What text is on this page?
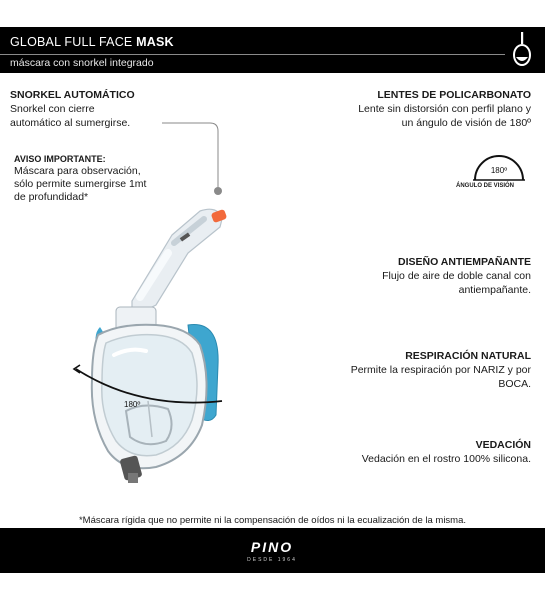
GLOBAL FULL FACE MASK
máscara con snorkel integrado
SNORKEL AUTOMÁTICO
Snorkel con cierre
automático al sumergirse.
AVISO IMPORTANTE:
Máscara para observación,
sólo permite sumergirse 1mt
de profundidad*
LENTES DE POLICARBONATO
Lente sin distorsión con perfil plano y
un ángulo de visión de 180º
180º
ÁNGULO DE VISIÓN
DISEÑO ANTIEMPAÑANTE
Flujo de aire de doble canal con
antiempañante.
RESPIRACIÓN NATURAL
Permite la respiración por NARIZ y por
BOCA.
VEDACIÓN
Vedación en el rostro 100% silicona.
180º
*Máscara rígida que no permite ni la compensación de oídos ni la ecualización de la misma.
PINO
DESDE 1964
